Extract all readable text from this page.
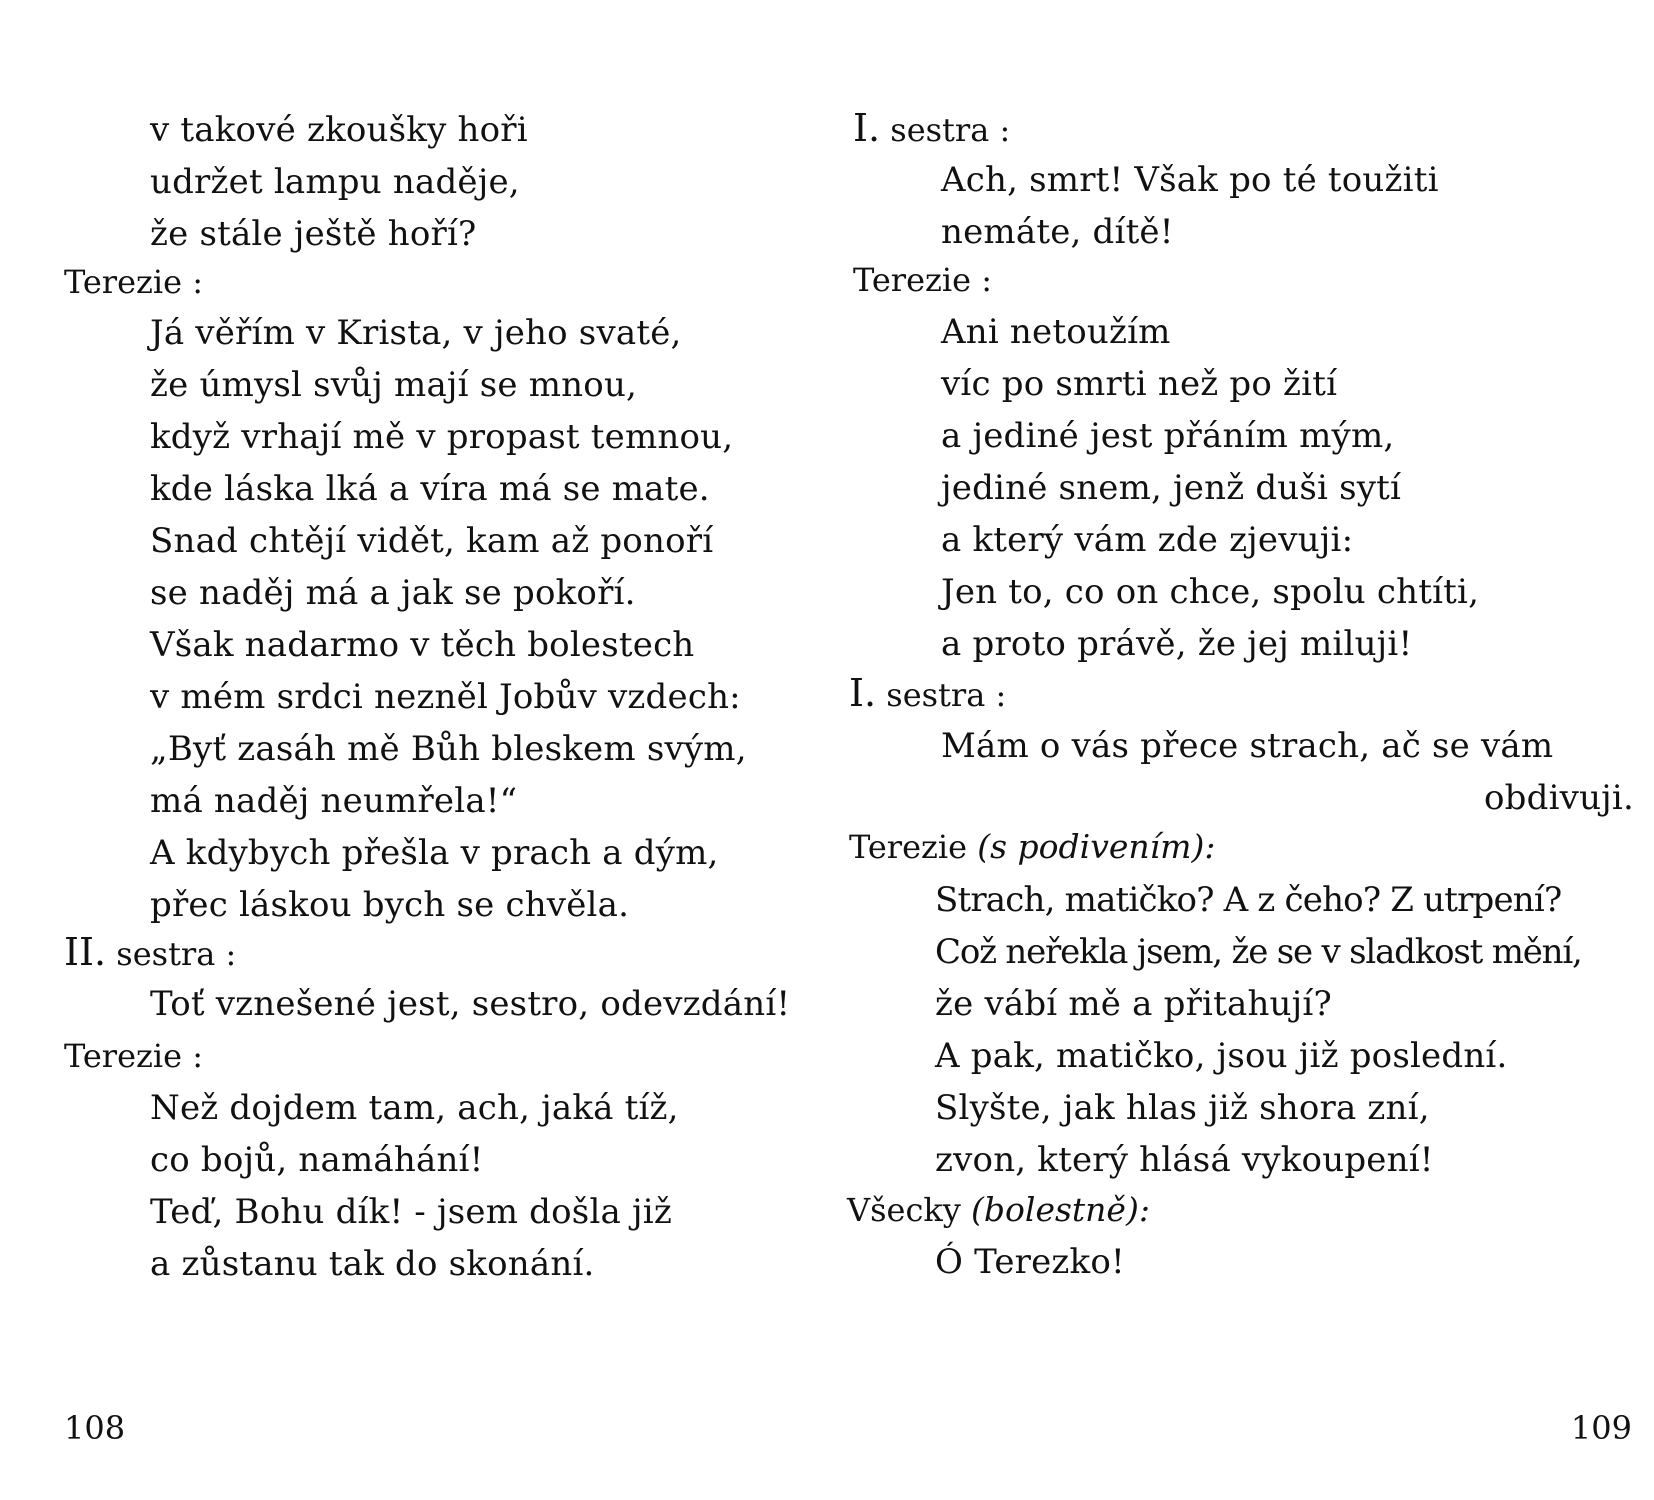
v takové zkoušky hoři
udržet lampu naděje,
že stále ještě hoří?
Terezie :
Já věřím v Krista, v jeho svaté,
že úmysl svůj mají se mnou,
když vrhají mě v propast temnou,
kde láska lká a víra má se mate.
Snad chtějí vidět, kam až ponoří
se naděj má a jak se pokoří.
Však nadarmo v těch bolestech
v mém srdci nezněl Jobův vzdech:
„Byť zasáh mě Bůh bleskem svým,
má naděj neumřela!“
A kdybych přešla v prach a dým,
přec láskou bych se chvěla.
II. sestra :
Toť vznešené jest, sestro, odevzdání!
Terezie :
Než dojdem tam, ach, jaká tíž,
co bojů, namáhání!
Teď, Bohu dík! - jsem došla již
a zůstanu tak do skonání.
108
I. sestra :
Ach, smrt! Však po té toužiti
nemáte, dítě!
Terezie :
Ani netoužím
víc po smrti než po žití
a jediné jest přáním mým,
jediné snem, jenž duši sytí
a který vám zde zjevuji:
Jen to, co on chce, spolu chtíti,
a proto právě, že jej miluji!
I. sestra :
Mám o vás přece strach, ač se vám
obdivuji.
Terezie (s podivením):
Strach, matičko? A z čeho? Z utrpení?
Což neřekla jsem, že se v sladkost mění,
že vábí mě a přitahují?
A pak, matičko, jsou již poslední.
Slyšte, jak hlas již shora zní,
zvon, který hlásá vykoupení!
Všecky (bolestně):
Ó Terezko!
109
